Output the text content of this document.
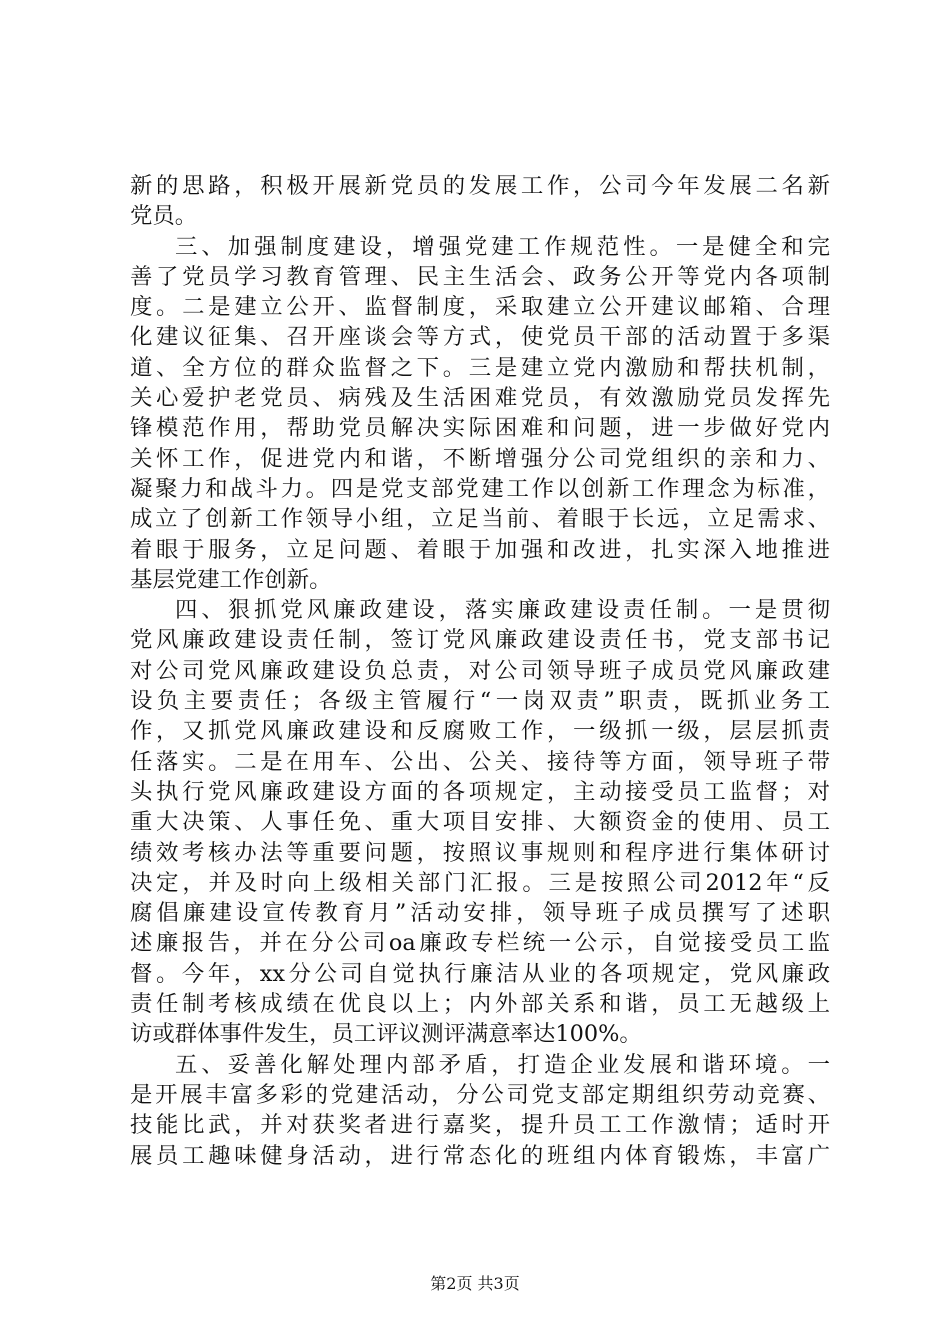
新的思路，积极开展新党员的发展工作，公司今年发展二名新
党员。
三、加强制度建设，增强党建工作规范性。一是健全和完
善了党员学习教育管理、民主生活会、政务公开等党内各项制
度。二是建立公开、监督制度，采取建立公开建议邮箱、合理
化建议征集、召开座谈会等方式，使党员干部的活动置于多渠
道、全方位的群众监督之下。三是建立党内激励和帮扶机制，
关心爱护老党员、病残及生活困难党员，有效激励党员发挥先
锋模范作用，帮助党员解决实际困难和问题，进一步做好党内
关怀工作，促进党内和谐，不断增强分公司党组织的亲和力、
凝聚力和战斗力。四是党支部党建工作以创新工作理念为标准，
成立了创新工作领导小组，立足当前、着眼于长远，立足需求、
着眼于服务，立足问题、着眼于加强和改进，扎实深入地推进
基层党建工作创新。
四、狠抓党风廉政建设，落实廉政建设责任制。一是贯彻
党风廉政建设责任制，签订党风廉政建设责任书，党支部书记
对公司党风廉政建设负总责，对公司领导班子成员党风廉政建
设负主要责任；各级主管履行“一岗双责”职责，既抓业务工
作，又抓党风廉政建设和反腐败工作，一级抓一级，层层抓责
任落实。二是在用车、公出、公关、接待等方面，领导班子带
头执行党风廉政建设方面的各项规定，主动接受员工监督；对
重大决策、人事任免、重大项目安排、大额资金的使用、员工
绩效考核办法等重要问题，按照议事规则和程序进行集体研讨
决定，并及时向上级相关部门汇报。三是按照公司2012年“反
腐倡廉建设宣传教育月”活动安排，领导班子成员撰写了述职
述廉报告，并在分公司oa廉政专栏统一公示，自觉接受员工监
督。今年，xx分公司自觉执行廉洁从业的各项规定，党风廉政
责任制考核成绩在优良以上；内外部关系和谐，员工无越级上
访或群体事件发生，员工评议测评满意率达100%。
五、妥善化解处理内部矛盾，打造企业发展和谐环境。一
是开展丰富多彩的党建活动，分公司党支部定期组织劳动竞赛、
技能比武，并对获奖者进行嘉奖，提升员工工作激情；适时开
展员工趣味健身活动，进行常态化的班组内体育锻炼，丰富广
第2页 共3页
